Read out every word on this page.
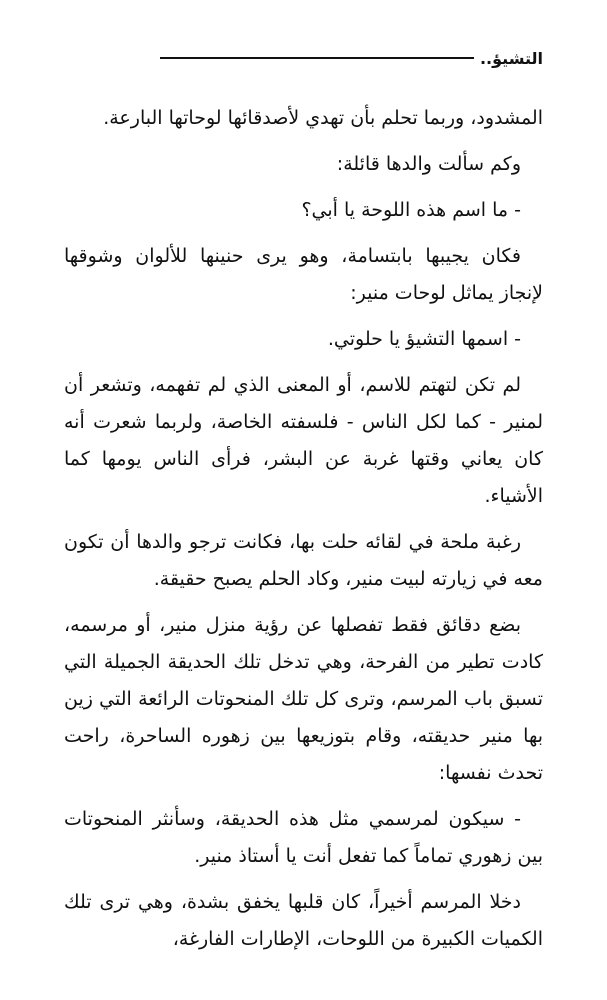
التشيؤ..

المشدود، وربما تحلم بأن تهدي لأصدقائها لوحاتها البارعة.

وكم سألت والدها قائلة:

- ما اسم هذه اللوحة يا أبي؟

فكان يجيبها بابتسامة، وهو يرى حنينها للألوان وشوقها لإنجاز يماثل لوحات منير:

- اسمها التشيؤ يا حلوتي.

لم تكن لتهتم للاسم، أو المعنى الذي لم تفهمه، وتشعر أن لمنير - كما لكل الناس - فلسفته الخاصة، ولربما شعرت أنه كان يعاني وقتها غربة عن البشر، فرأى الناس يومها كما الأشياء.

رغبة ملحة في لقائه حلت بها، فكانت ترجو والدها أن تكون معه في زيارته لبيت منير، وكاد الحلم يصبح حقيقة.

بضع دقائق فقط تفصلها عن رؤية منزل منير، أو مرسمه، كادت تطير من الفرحة، وهي تدخل تلك الحديقة الجميلة التي تسبق باب المرسم، وترى كل تلك المنحوتات الرائعة التي زين بها منير حديقته، وقام بتوزيعها بين زهوره الساحرة، راحت تحدث نفسها:

- سيكون لمرسمي مثل هذه الحديقة، وسأنثر المنحوتات بين زهوري تماماً كما تفعل أنت يا أستاذ منير.

دخلا المرسم أخيراً، كان قلبها يخفق بشدة، وهي ترى تلك الكميات الكبيرة من اللوحات، الإطارات الفارغة،
